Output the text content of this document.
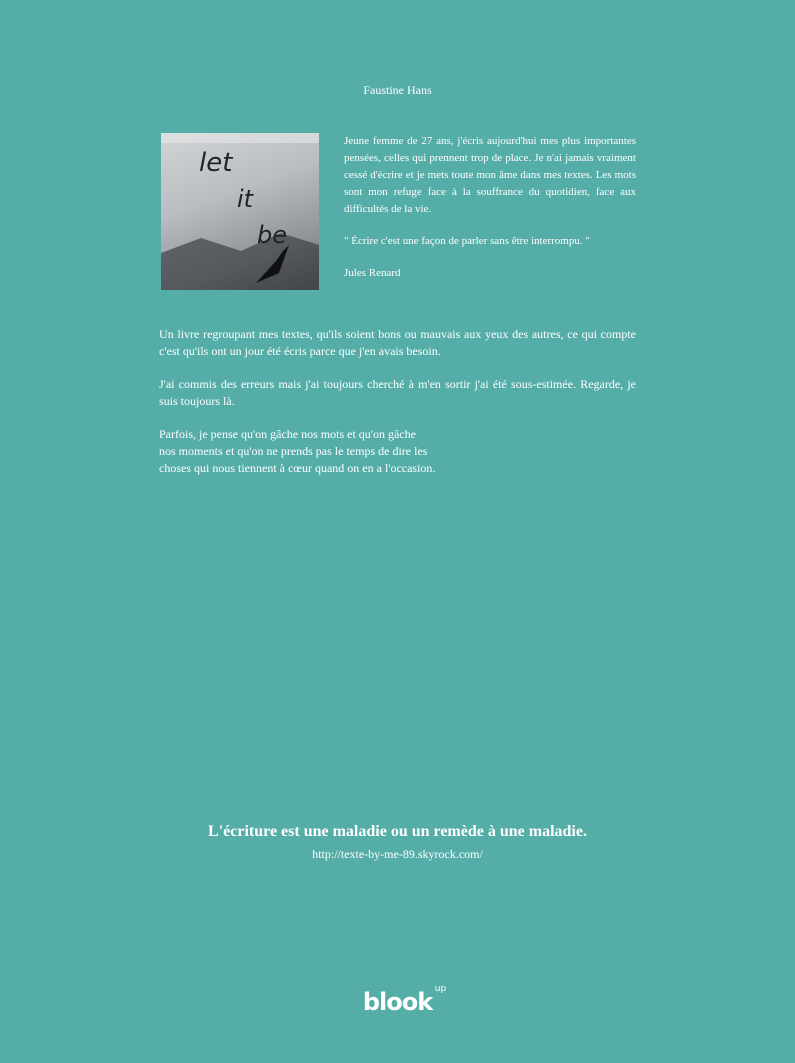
Faustine Hans
let
it
be

Jeune femme de 27 ans, j'écris aujourd'hui mes plus importantes pensées, celles qui prennent trop de place. Je n'ai jamais vraiment cessé d'écrire et je mets toute mon âme dans mes textes. Les mots sont mon refuge face à la souffrance du quotidien, face aux difficultés de la vie.

" Écrire c'est une façon de parler sans être interrompu. "

Jules Renard

Un livre regroupant mes textes, qu'ils soient bons ou mauvais aux yeux des autres, ce qui compte c'est qu'ils ont un jour été écris parce que j'en avais besoin.

J'ai commis des erreurs mais j'ai toujours cherché à m'en sortir j'ai été sous-estimée. Regarde, je suis toujours là.

Parfois, je pense qu'on gâche nos mots et qu'on gâche
nos moments et qu'on ne prends pas le temps de dire les
choses qui nous tiennent à cœur quand on en a l'occasion.

L'écriture est une maladie ou un remède à une maladie.
http://texte-by-me-89.skyrock.com/
blook up
